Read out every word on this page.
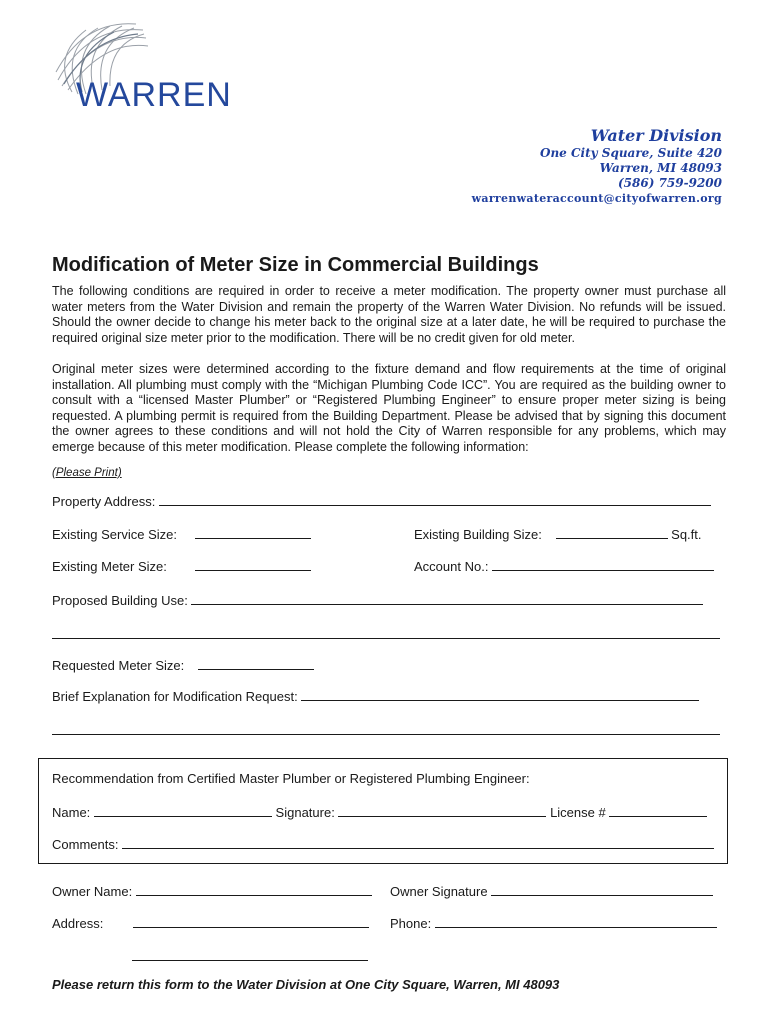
WARREN
Water Division
One City Square, Suite 420
Warren, MI 48093
(586) 759-9200
warrenwateraccount@cityofwarren.org
Modification of Meter Size in Commercial Buildings

The following conditions are required in order to receive a meter modification. The property owner must purchase all water meters from the Water Division and remain the property of the Warren Water Division. No refunds will be issued. Should the owner decide to change his meter back to the original size at a later date, he will be required to purchase the required original size meter prior to the modification. There will be no credit given for old meter.

Original meter sizes were determined according to the fixture demand and flow requirements at the time of original installation. All plumbing must comply with the “Michigan Plumbing Code ICC”. You are required as the building owner to consult with a “licensed Master Plumber” or “Registered Plumbing Engineer” to ensure proper meter sizing is being requested. A plumbing permit is required from the Building Department. Please be advised that by signing this document the owner agrees to these conditions and will not hold the City of Warren responsible for any problems, which may emerge because of this meter modification. Please complete the following information:

(Please Print)
Property Address:
Existing Service Size:	Existing Building Size:	Sq.ft.
Existing Meter Size:	Account No.:
Proposed Building Use:
Requested Meter Size:
Brief Explanation for Modification Request:
Recommendation from Certified Master Plumber or Registered Plumbing Engineer:
Name:	Signature:	License #
Comments:
Owner Name:	Owner Signature
Address:	Phone:
Please return this form to the Water Division at One City Square, Warren, MI 48093
